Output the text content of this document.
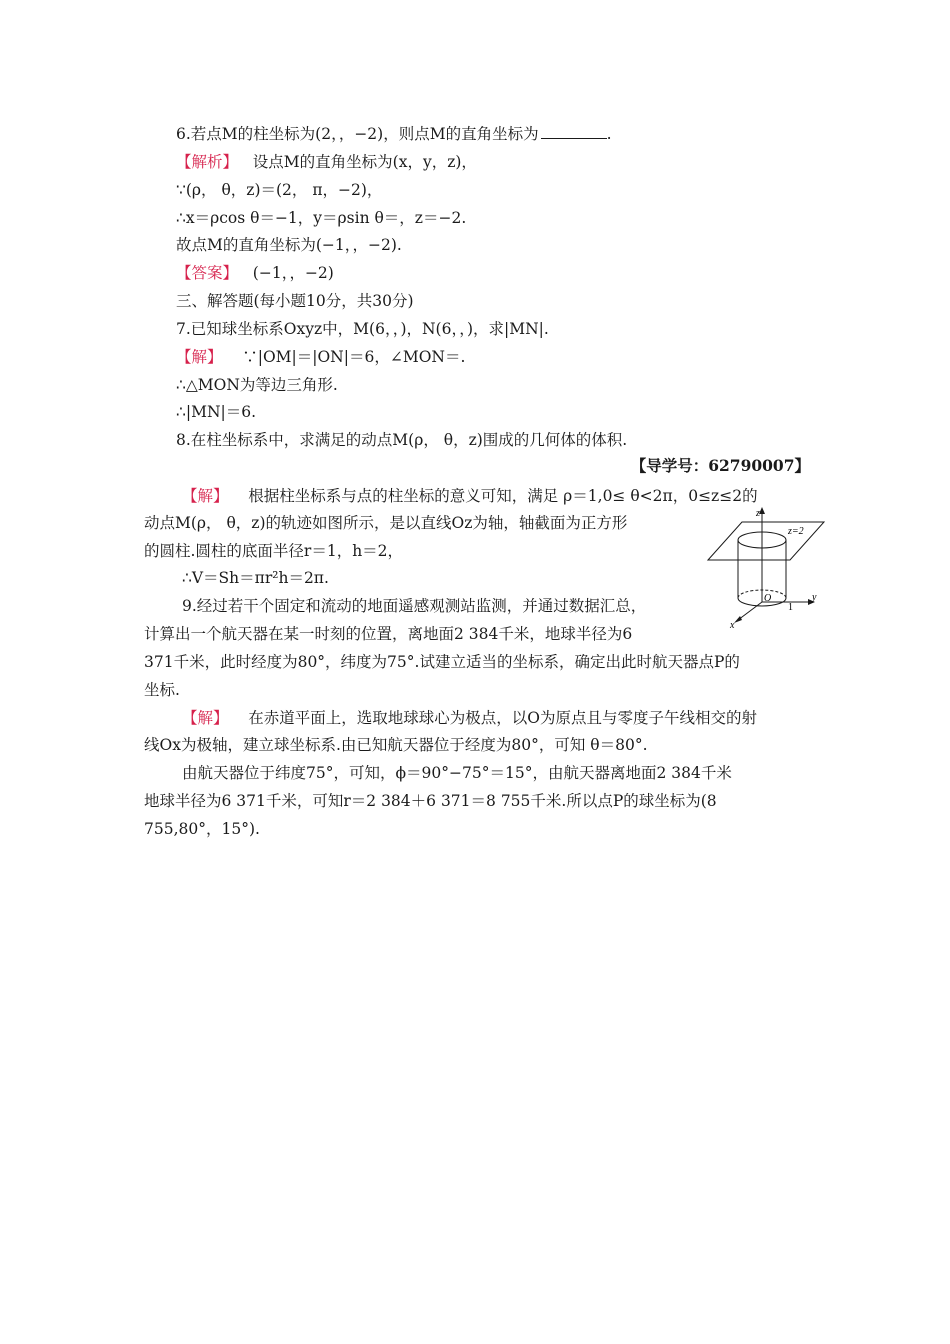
6.若点M的柱坐标为(2，，−2)，则点M的直角坐标为	.
【解析】 设点M的直角坐标为(x，y，z)，
∵(ρ， θ，z)＝(2， π，−2)，
∴x＝ρcos θ＝−1，y＝ρsin θ＝，z＝−2.
故点M的直角坐标为(−1，，−2).
【答案】 (−1，，−2)
三、解答题(每小题10分，共30分)
7.已知球坐标系Oxyz中，M(6，，)，N(6，，)，求|MN|.
【解】 ∵|OM|＝|ON|＝6，∠MON＝.
∴△MON为等边三角形.
∴|MN|＝6.
8.在柱坐标系中，求满足的动点M(ρ， θ，z)围成的几何体的体积.
【导学号：62790007】
【解】 根据柱坐标系与点的柱坐标的意义可知，满足 ρ＝1,0≤ θ<2π，0≤z≤2的
动点M(ρ， θ，z)的轨迹如图所示，是以直线Oz为轴，轴截面为正方形
的圆柱.圆柱的底面半径r＝1，h＝2，
∴V＝Sh＝πr²h＝2π.
9.经过若干个固定和流动的地面遥感观测站监测，并通过数据汇总，
计算出一个航天器在某一时刻的位置，离地面2 384千米，地球半径为6
371千米，此时经度为80°，纬度为75°.试建立适当的坐标系，确定出此时航天器点P的
坐标.
【解】 在赤道平面上，选取地球球心为极点，以O为原点且与零度子午线相交的射
线Ox为极轴，建立球坐标系.由已知航天器位于经度为80°，可知 θ＝80°.
由航天器位于纬度75°，可知，ϕ＝90°−75°＝15°，由航天器离地面2 384千米
地球半径为6 371千米，可知r＝2 384＋6 371＝8 755千米.所以点P的球坐标为(8
755,80°，15°).
z
z=2
O
1
y
x
